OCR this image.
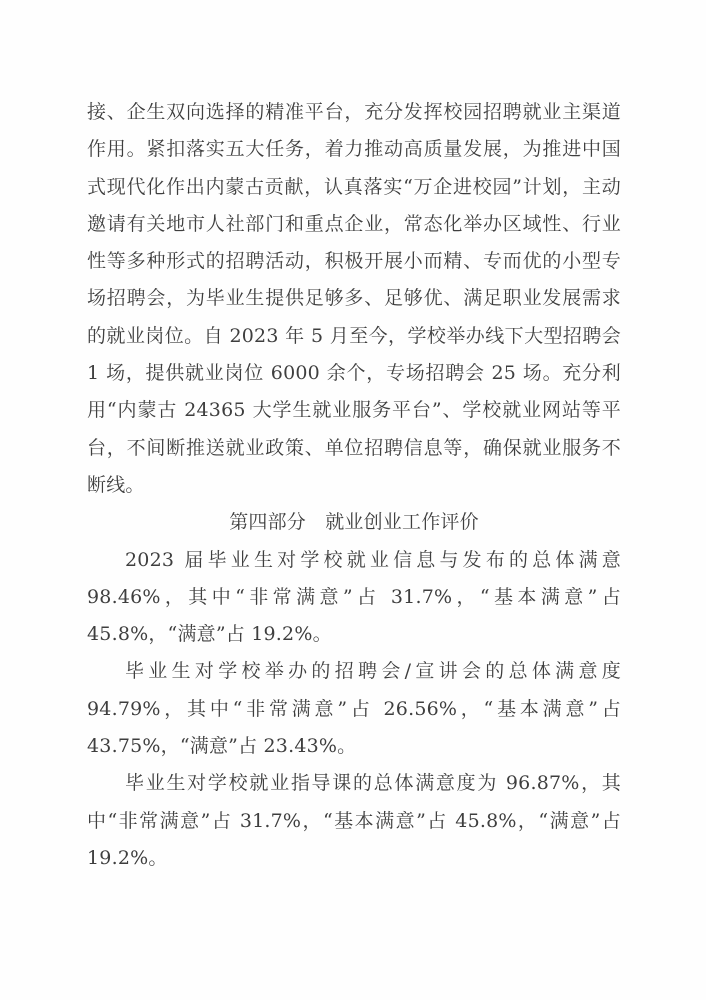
接、企生双向选择的精准平台，充分发挥校园招聘就业主渠道作用。紧扣落实五大任务，着力推动高质量发展，为推进中国式现代化作出内蒙古贡献，认真落实“万企进校园”计划，主动邀请有关地市人社部门和重点企业，常态化举办区域性、行业性等多种形式的招聘活动，积极开展小而精、专而优的小型专场招聘会，为毕业生提供足够多、足够优、满足职业发展需求的就业岗位。自 2023 年 5 月至今，学校举办线下大型招聘会 1 场，提供就业岗位 6000 余个，专场招聘会 25 场。充分利用“内蒙古 24365 大学生就业服务平台”、学校就业网站等平台，不间断推送就业政策、单位招聘信息等，确保就业服务不断线。

第四部分　就业创业工作评价

2023 届毕业生对学校就业信息与发布的总体满意 98.46%，其中“非常满意”占 31.7%，“基本满意”占 45.8%，“满意”占 19.2%。

毕业生对学校举办的招聘会/宣讲会的总体满意度 94.79%，其中“非常满意”占 26.56%，“基本满意”占 43.75%，“满意”占 23.43%。

毕业生对学校就业指导课的总体满意度为 96.87%，其中“非常满意”占 31.7%，“基本满意”占 45.8%，“满意”占 19.2%。
